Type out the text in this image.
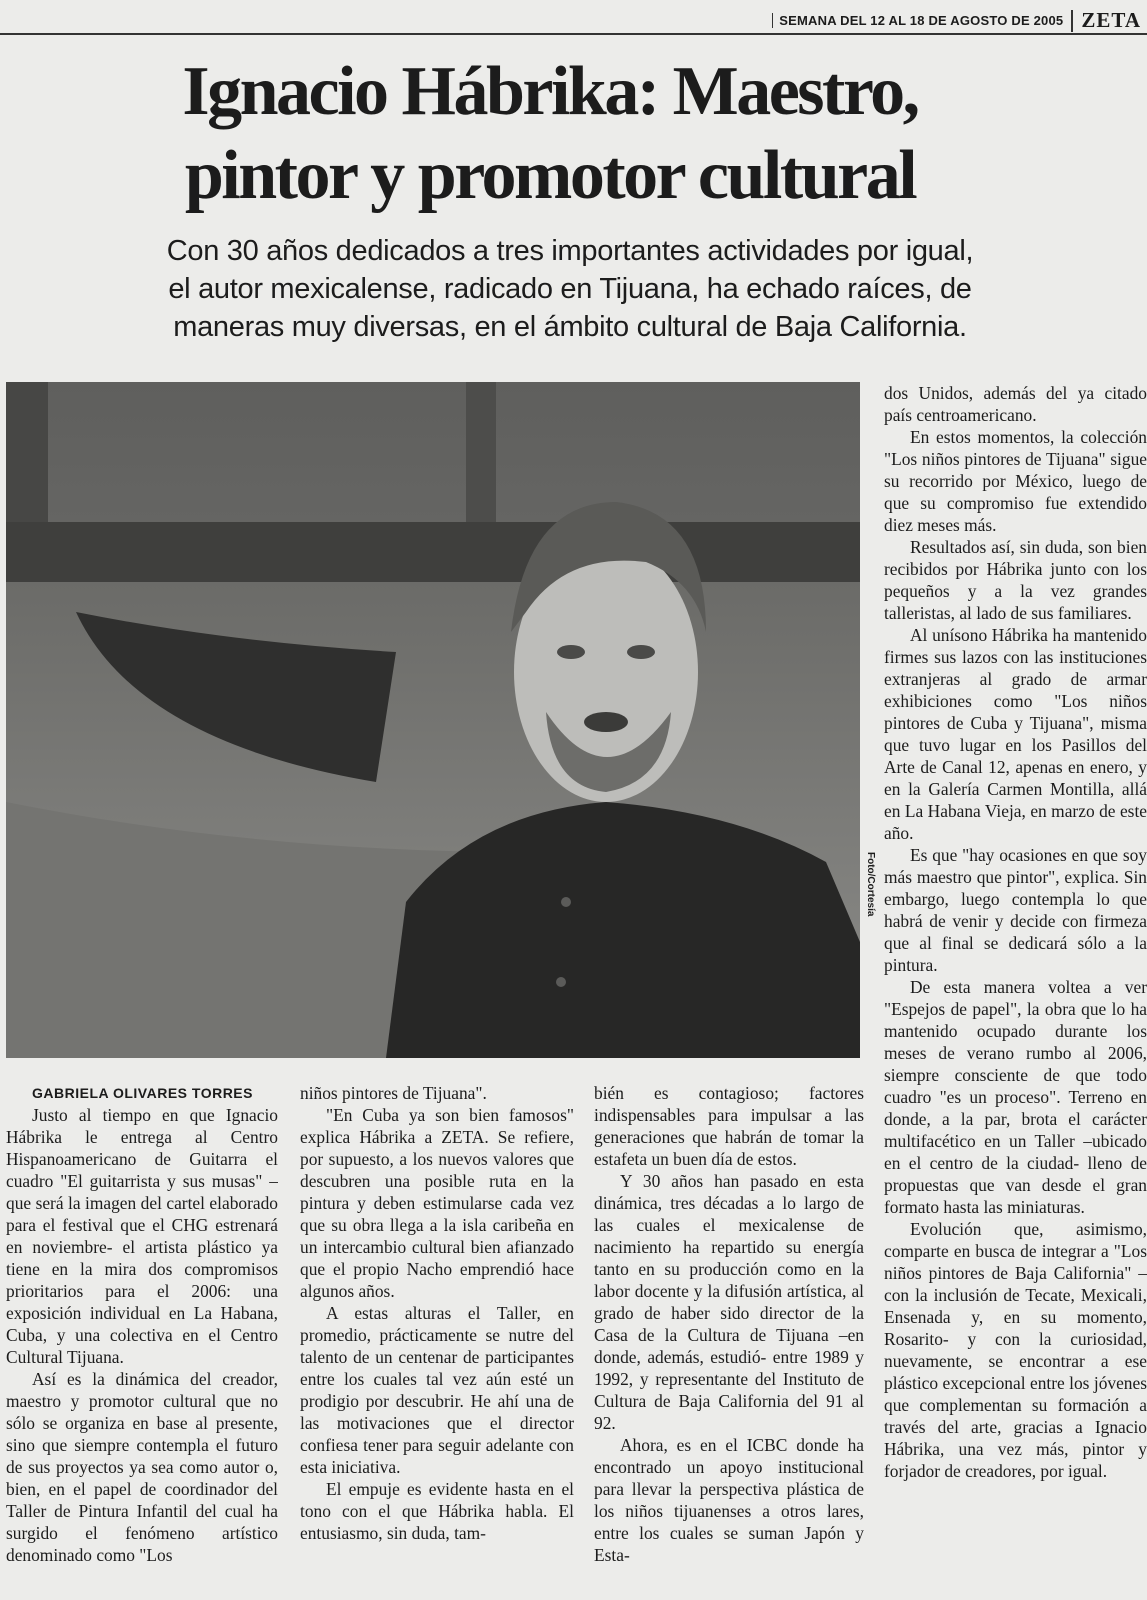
SEMANA DEL 12 AL 18 DE AGOSTO DE 2005 ZETA
Ignacio Hábrika: Maestro,
pintor y promotor cultural

Con 30 años dedicados a tres importantes actividades por igual,
el autor mexicalense, radicado en Tijuana, ha echado raíces, de
maneras muy diversas, en el ámbito cultural de Baja California.

Foto/Cortesía

GABRIELA OLIVARES TORRES

Justo al tiempo en que Ignacio Hábrika le entrega al Centro Hispanoamericano de Guitarra el cuadro "El guitarrista y sus musas" –que será la imagen del cartel elaborado para el festival que el CHG estrenará en noviembre- el artista plástico ya tiene en la mira dos compromisos prioritarios para el 2006: una exposición individual en La Habana, Cuba, y una colectiva en el Centro Cultural Tijuana.

Así es la dinámica del creador, maestro y promotor cultural que no sólo se organiza en base al presente, sino que siempre contempla el futuro de sus proyectos ya sea como autor o, bien, en el papel de coordinador del Taller de Pintura Infantil del cual ha surgido el fenómeno artístico denominado como "Los

niños pintores de Tijuana".

"En Cuba ya son bien famosos" explica Hábrika a ZETA. Se refiere, por supuesto, a los nuevos valores que descubren una posible ruta en la pintura y deben estimularse cada vez que su obra llega a la isla caribeña en un intercambio cultural bien afianzado que el propio Nacho emprendió hace algunos años.

A estas alturas el Taller, en promedio, prácticamente se nutre del talento de un centenar de participantes entre los cuales tal vez aún esté un prodigio por descubrir. He ahí una de las motivaciones que el director confiesa tener para seguir adelante con esta iniciativa.

El empuje es evidente hasta en el tono con el que Hábrika habla. El entusiasmo, sin duda, tam-

bién es contagioso; factores indispensables para impulsar a las generaciones que habrán de tomar la estafeta un buen día de estos.

Y 30 años han pasado en esta dinámica, tres décadas a lo largo de las cuales el mexicalense de nacimiento ha repartido su energía tanto en su producción como en la labor docente y la difusión artística, al grado de haber sido director de la Casa de la Cultura de Tijuana –en donde, además, estudió- entre 1989 y 1992, y representante del Instituto de Cultura de Baja California del 91 al 92.

Ahora, es en el ICBC donde ha encontrado un apoyo institucional para llevar la perspectiva plástica de los niños tijuanenses a otros lares, entre los cuales se suman Japón y Esta-

dos Unidos, además del ya citado país centroamericano.

En estos momentos, la colección "Los niños pintores de Tijuana" sigue su recorrido por México, luego de que su compromiso fue extendido diez meses más.

Resultados así, sin duda, son bien recibidos por Hábrika junto con los pequeños y a la vez grandes talleristas, al lado de sus familiares.

Al unísono Hábrika ha mantenido firmes sus lazos con las instituciones extranjeras al grado de armar exhibiciones como "Los niños pintores de Cuba y Tijuana", misma que tuvo lugar en los Pasillos del Arte de Canal 12, apenas en enero, y en la Galería Carmen Montilla, allá en La Habana Vieja, en marzo de este año.

Es que "hay ocasiones en que soy más maestro que pintor", explica. Sin embargo, luego contempla lo que habrá de venir y decide con firmeza que al final se dedicará sólo a la pintura.

De esta manera voltea a ver "Espejos de papel", la obra que lo ha mantenido ocupado durante los meses de verano rumbo al 2006, siempre consciente de que todo cuadro "es un proceso". Terreno en donde, a la par, brota el carácter multifacético en un Taller –ubicado en el centro de la ciudad- lleno de propuestas que van desde el gran formato hasta las miniaturas.

Evolución que, asimismo, comparte en busca de integrar a "Los niños pintores de Baja California" –con la inclusión de Tecate, Mexicali, Ensenada y, en su momento, Rosarito- y con la curiosidad, nuevamente, se encontrar a ese plástico excepcional entre los jóvenes que complementan su formación a través del arte, gracias a Ignacio Hábrika, una vez más, pintor y forjador de creadores, por igual.
